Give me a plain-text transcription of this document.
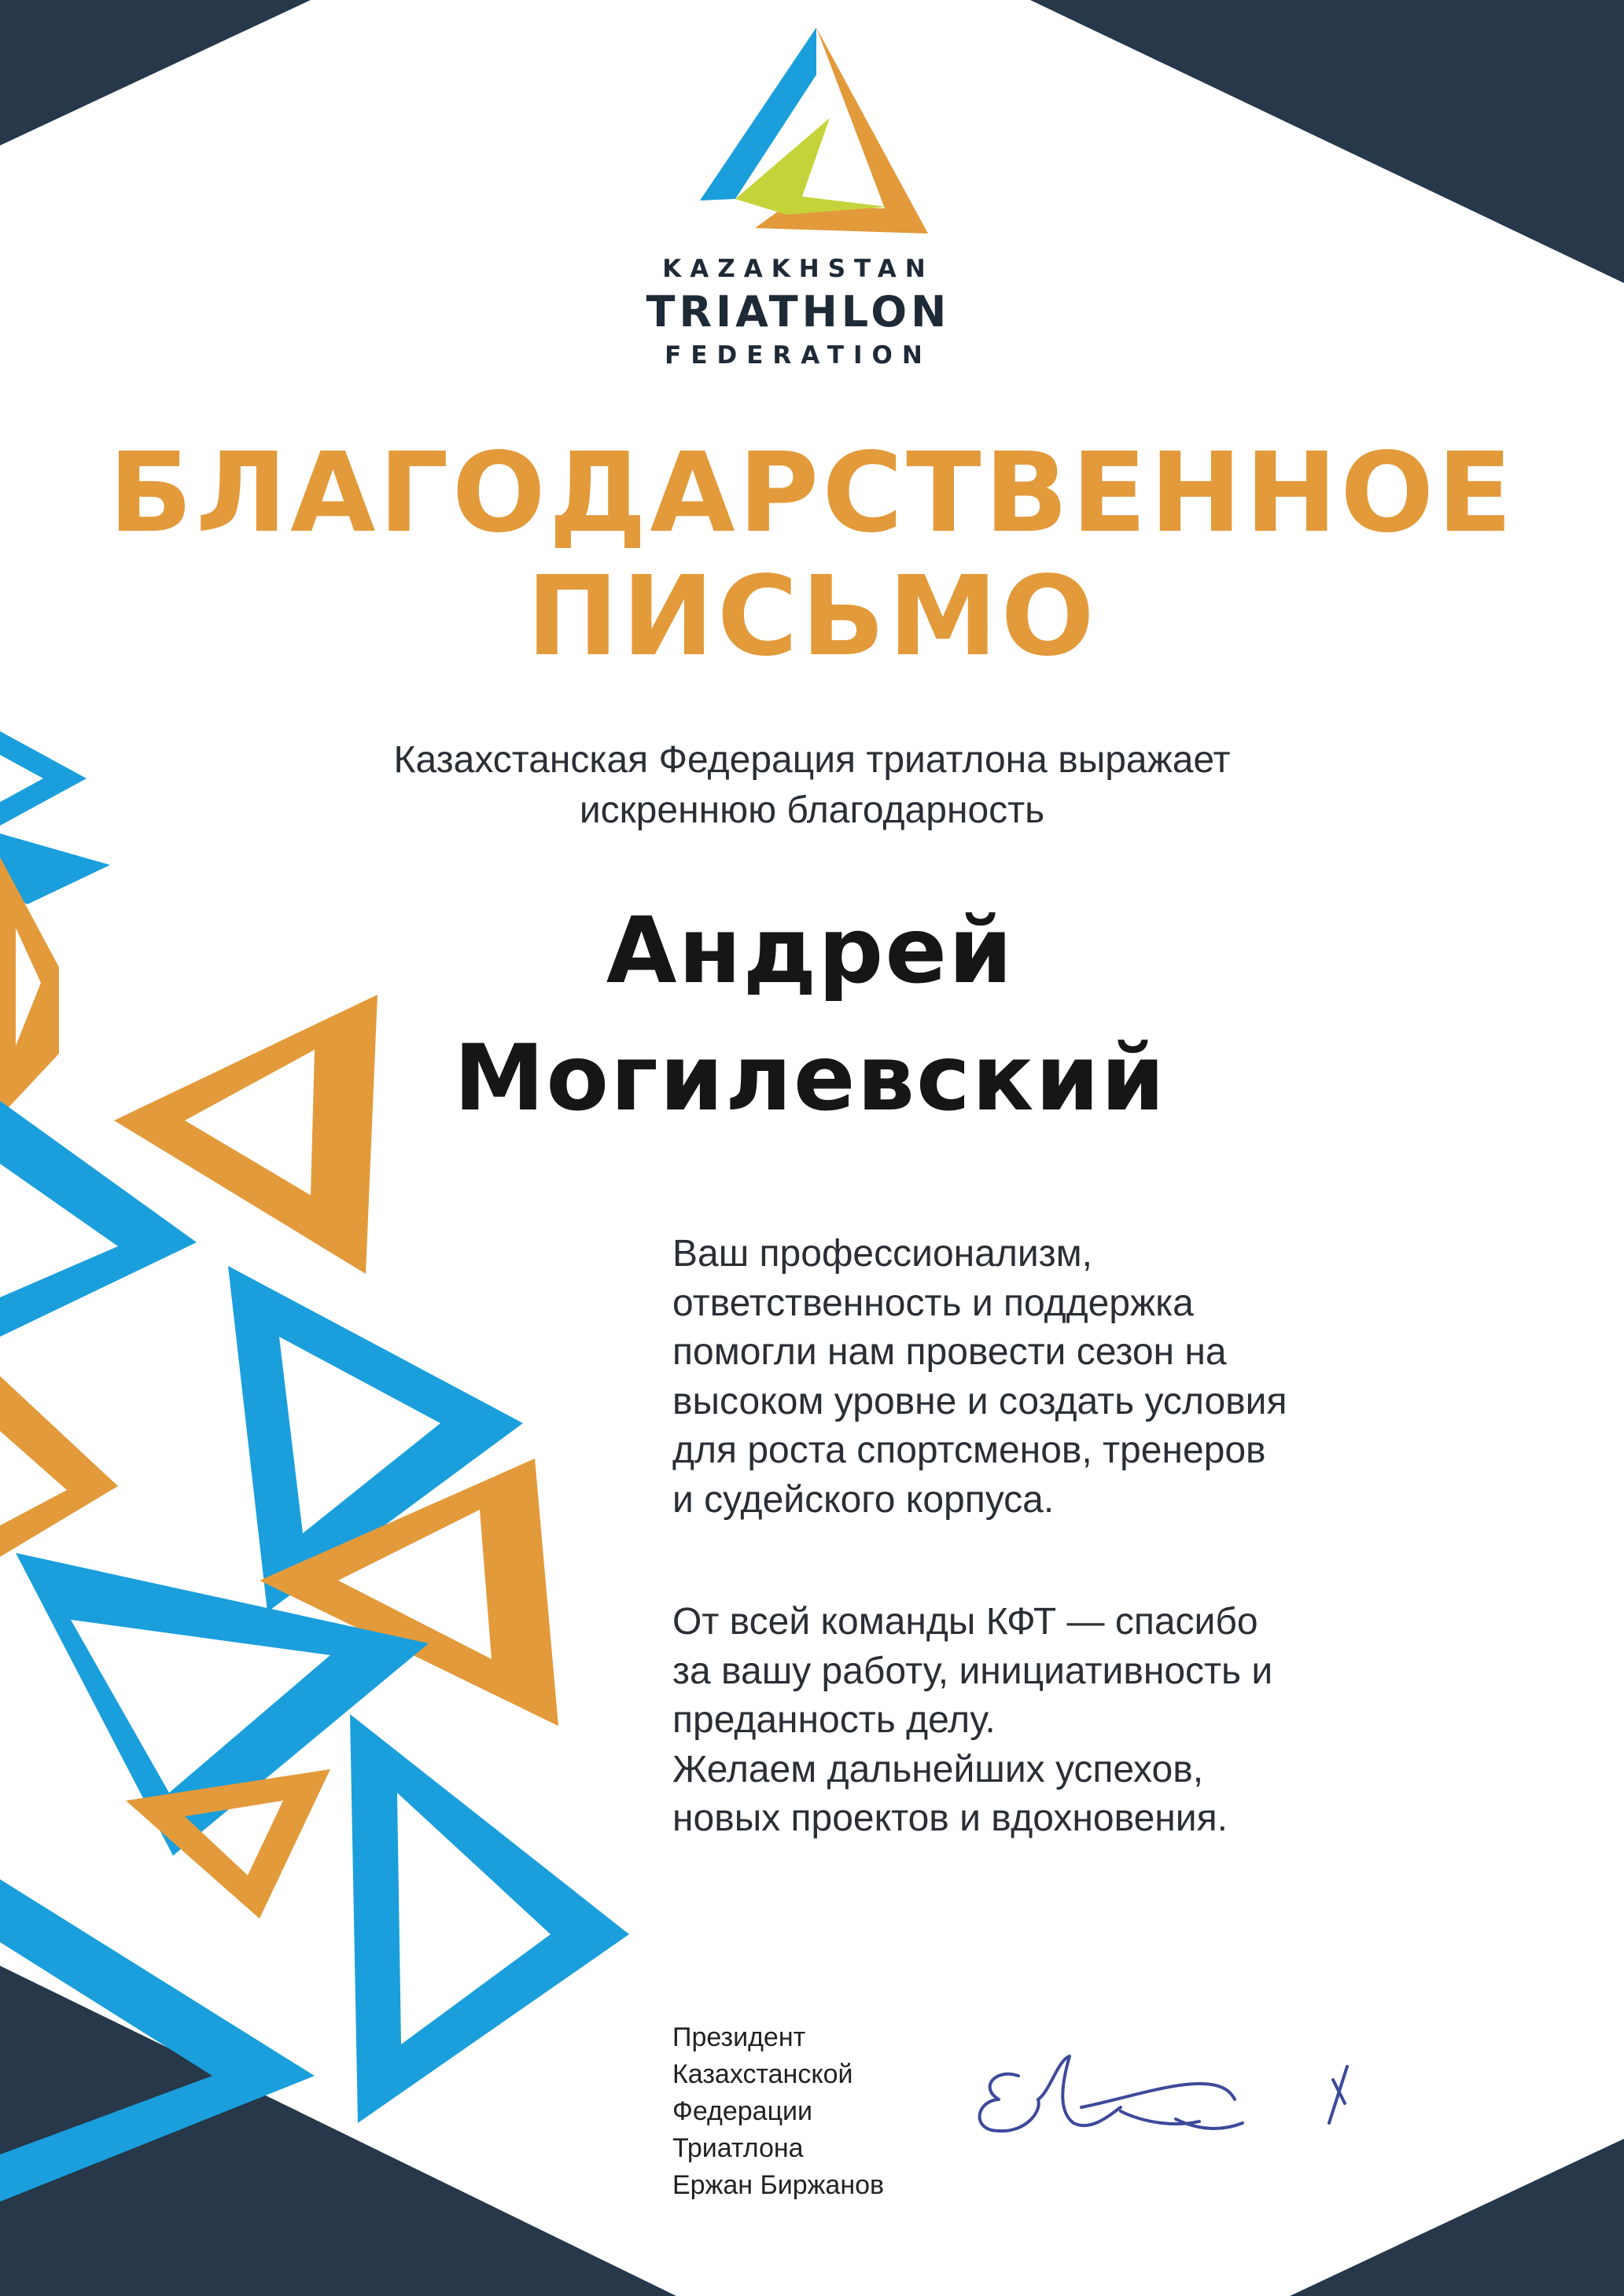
KAZAKHSTAN
TRIATHLON
FEDERATION
БЛАГОДАРСТВЕННОЕ
ПИСЬМО
Казахстанская Федерация триатлона выражает
искреннюю благодарность
Андрей
Могилевский
Ваш профессионализм,
ответственность и поддержка
помогли нам провести сезон на
высоком уровне и создать условия
для роста спортсменов, тренеров
и судейского корпуса.
От всей команды КФТ — спасибо
за вашу работу, инициативность и
преданность делу.
Желаем дальнейших успехов,
новых проектов и вдохновения.
Президент
Казахстанской
Федерации
Триатлона
Ержан Биржанов
